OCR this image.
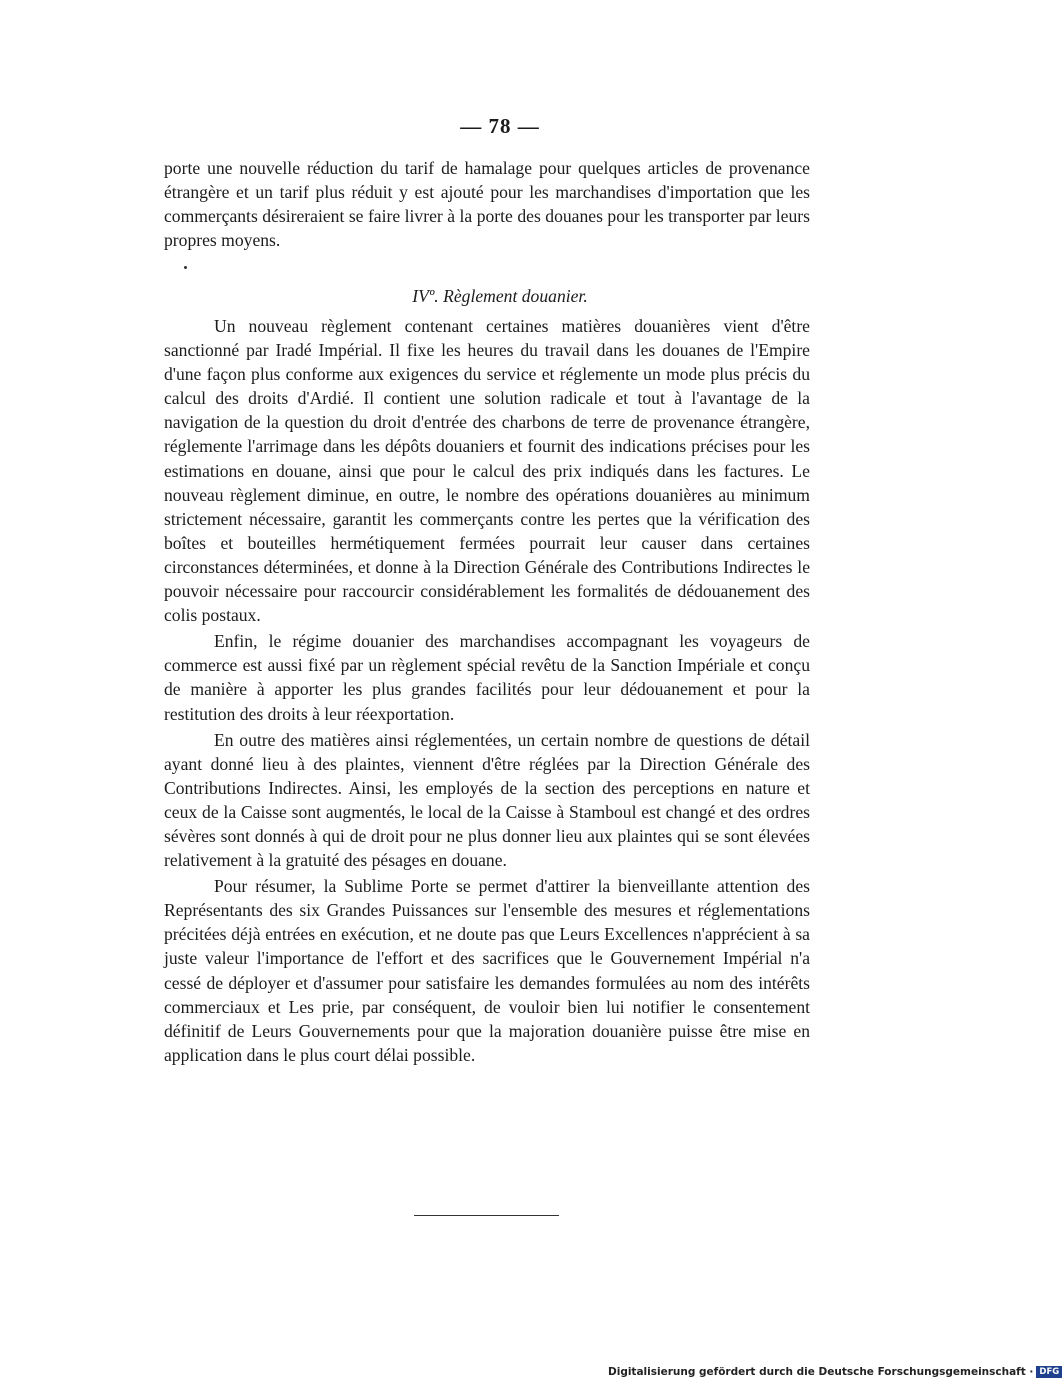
— 78 —

porte une nouvelle réduction du tarif de hamalage pour quelques articles de provenance étrangère et un tarif plus réduit y est ajouté pour les marchandises d'importation que les commerçants désireraient se faire livrer à la porte des douanes pour les transporter par leurs propres moyens.

IVº. Règlement douanier.

Un nouveau règlement contenant certaines matières douanières vient d'être sanctionné par Iradé Impérial. Il fixe les heures du travail dans les douanes de l'Empire d'une façon plus conforme aux exigences du service et réglemente un mode plus précis du calcul des droits d'Ardié. Il contient une solution radicale et tout à l'avantage de la navigation de la question du droit d'entrée des charbons de terre de provenance étrangère, réglemente l'arrimage dans les dépôts douaniers et fournit des indications précises pour les estimations en douane, ainsi que pour le calcul des prix indiqués dans les factures. Le nouveau règlement diminue, en outre, le nombre des opérations douanières au minimum strictement nécessaire, garantit les commerçants contre les pertes que la vérification des boîtes et bouteilles hermétiquement fermées pourrait leur causer dans certaines circonstances déterminées, et donne à la Direction Générale des Contributions Indirectes le pouvoir nécessaire pour raccourcir considérablement les formalités de dédouanement des colis postaux.

Enfin, le régime douanier des marchandises accompagnant les voyageurs de commerce est aussi fixé par un règlement spécial revêtu de la Sanction Impériale et conçu de manière à apporter les plus grandes facilités pour leur dédouanement et pour la restitution des droits à leur réexportation.

En outre des matières ainsi réglementées, un certain nombre de questions de détail ayant donné lieu à des plaintes, viennent d'être réglées par la Direction Générale des Contributions Indirectes. Ainsi, les employés de la section des perceptions en nature et ceux de la Caisse sont augmentés, le local de la Caisse à Stamboul est changé et des ordres sévères sont donnés à qui de droit pour ne plus donner lieu aux plaintes qui se sont élevées relativement à la gratuité des pésages en douane.

Pour résumer, la Sublime Porte se permet d'attirer la bienveillante attention des Représentants des six Grandes Puissances sur l'ensemble des mesures et réglementations précitées déjà entrées en exécution, et ne doute pas que Leurs Excellences n'apprécient à sa juste valeur l'importance de l'effort et des sacrifices que le Gouvernement Impérial n'a cessé de déployer et d'assumer pour satisfaire les demandes formulées au nom des intérêts commerciaux et Les prie, par conséquent, de vouloir bien lui notifier le consentement définitif de Leurs Gouvernements pour que la majoration douanière puisse être mise en application dans le plus court délai possible.

Digitalisierung gefördert durch die Deutsche Forschungsgemeinschaft · DFG
